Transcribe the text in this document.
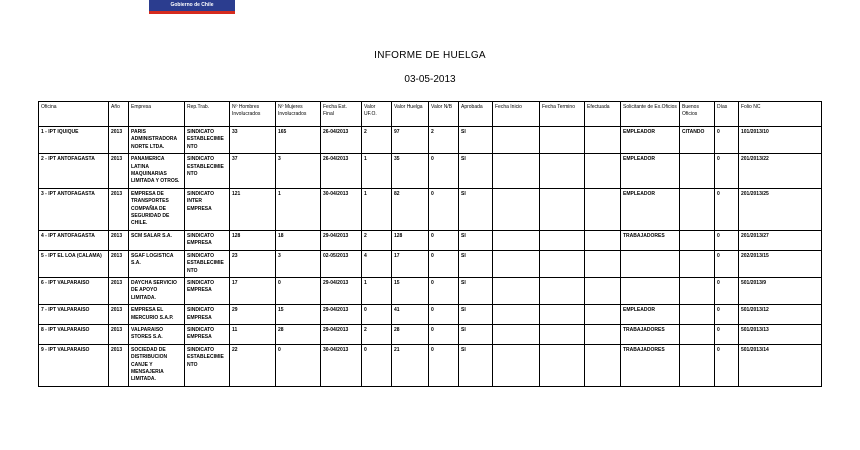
Gobierno de Chile
INFORME DE HUELGA
03-05-2013
Oficina	Año	Empresa	Rep.Trab.	Nº Hombres Involucrados	Nº Mujeres Involucrados	Fecha Est. Final	Valor UF.O.	Valor Huelga	Valor N/B	Aprobada	Fecha Inicio	Fecha Termino	Efectuada	Solicitante de Ex.Oficios	Buenos Oficios	Días	Folio NC
1 - IPT IQUIQUE	2013	PARIS ADMINISTRADORA NORTE LTDA.	SINDICATO ESTABLECIMIENTO	33	165	26-04/2013	2	97	2	SI				EMPLEADOR	CITANDO	0	101/2013/10
2 - IPT ANTOFAGASTA	2013	PANAMERICA LATINA MAQUINARIAS LIMITADA Y OTROS.	SINDICATO ESTABLECIMIENTO	37	3	26-04/2013	1	35	0	SI				EMPLEADOR		0	201/2013/22
3 - IPT ANTOFAGASTA	2013	EMPRESA DE TRANSPORTES COMPAÑIA DE SEGURIDAD DE CHILE.	SINDICATO INTER EMPRESA	121	1	30-04/2013	1	82	0	SI				EMPLEADOR		0	201/2013/25
4 - IPT ANTOFAGASTA	2013	SCM SALAR S.A.	SINDICATO EMPRESA	128	18	29-04/2013	2	128	0	SI				TRABAJADORES		0	201/2013/27
5 - IPT EL LOA (CALAMA)	2013	SGAF LOGISTICA S.A.	SINDICATO ESTABLECIMIENTO	23	3	02-05/2013	4	17	0	SI						0	202/2013/15
6 - IPT VALPARAISO	2013	DAYCHA SERVICIO DE APOYO LIMITADA.	SINDICATO EMPRESA	17	0	29-04/2013	1	15	0	SI						0	501/2013/9
7 - IPT VALPARAISO	2013	EMPRESA EL MERCURIO S.A.P.	SINDICATO EMPRESA	29	15	29-04/2013	0	41	0	SI				EMPLEADOR		0	501/2013/12
8 - IPT VALPARAISO	2013	VALPARAISO STORES S.A.	SINDICATO EMPRESA	11	28	29-04/2013	2	28	0	SI				TRABAJADORES		0	501/2013/13
9 - IPT VALPARAISO	2013	SOCIEDAD DE DISTRIBUCION CANJE Y MENSAJERIA LIMITADA.	SINDICATO ESTABLECIMIENTO	22	0	30-04/2013	0	21	0	SI				TRABAJADORES		0	501/2013/14
